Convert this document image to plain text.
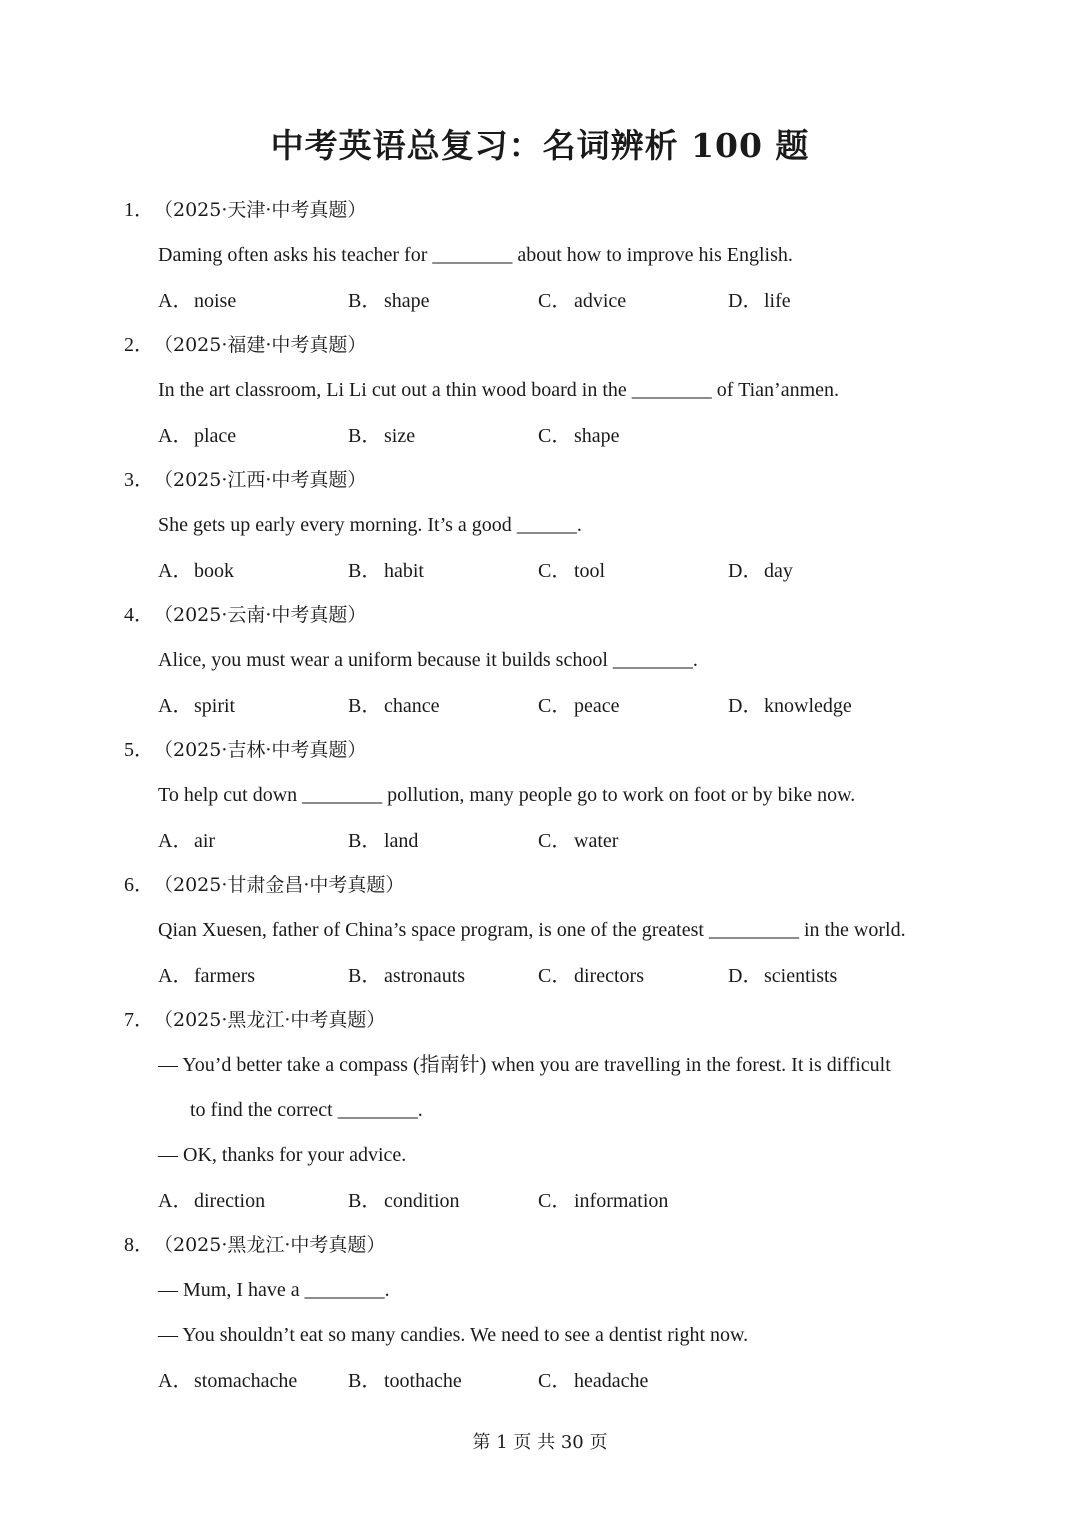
中考英语总复习：名词辨析 100 题
1．（2025·天津·中考真题）
Daming often asks his teacher for ________ about how to improve his English.
A．noise	B． shape	C． advice	D．life
2．（2025·福建·中考真题）
In the art classroom, Li Li cut out a thin wood board in the ________ of Tian’anmen.
A．place	B． size	C． shape
3．（2025·江西·中考真题）
She gets up early every morning. It’s a good ______.
A．book	B． habit	C． tool	D．day
4．（2025·云南·中考真题）
Alice, you must wear a uniform because it builds school ________.
A．spirit	B． chance	C． peace	D．knowledge
5．（2025·吉林·中考真题）
To help cut down ________ pollution, many people go to work on foot or by bike now.
A．air	B． land	C． water
6．（2025·甘肃金昌·中考真题）
Qian Xuesen, father of China’s space program, is one of the greatest _________ in the world.
A．farmers	B． astronauts	C． directors	D．scientists
7．（2025·黑龙江·中考真题）
— You’d better take a compass (指南针) when you are travelling in the forest. It is difficult
to find the correct ________.
— OK, thanks for your advice.
A．direction	B． condition	C． information
8．（2025·黑龙江·中考真题）
— Mum, I have a ________.
— You shouldn’t eat so many candies. We need to see a dentist right now.
A．stomachache	B． toothache	C． headache
第 1 页 共 30 页
